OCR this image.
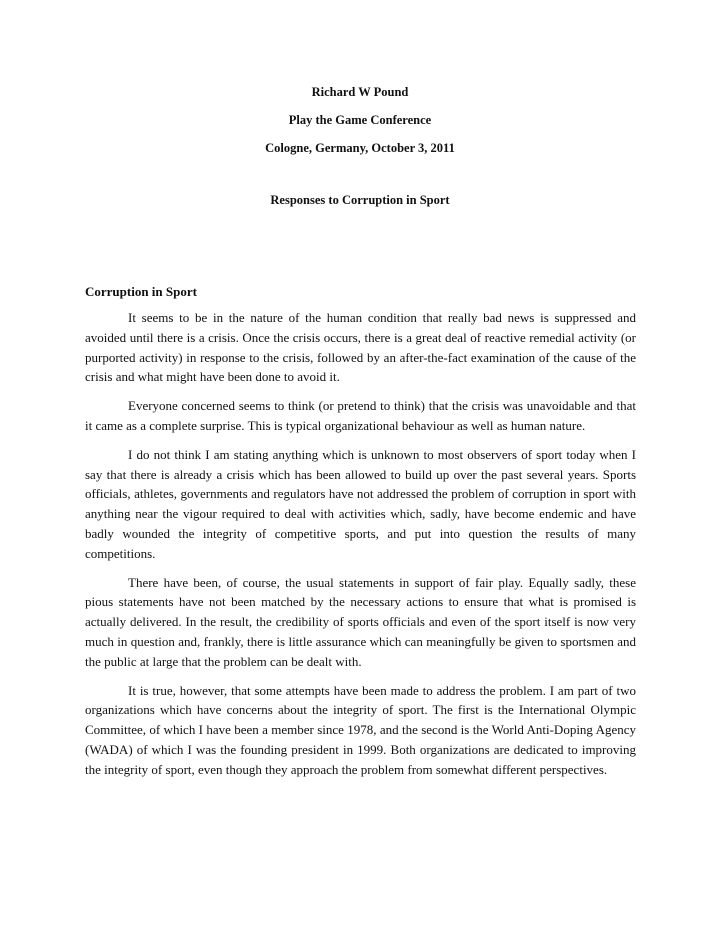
Richard W Pound

Play the Game Conference

Cologne, Germany, October 3, 2011

Responses to Corruption in Sport

Corruption in Sport

It seems to be in the nature of the human condition that really bad news is suppressed and avoided until there is a crisis. Once the crisis occurs, there is a great deal of reactive remedial activity (or purported activity) in response to the crisis, followed by an after-the-fact examination of the cause of the crisis and what might have been done to avoid it.

Everyone concerned seems to think (or pretend to think) that the crisis was unavoidable and that it came as a complete surprise. This is typical organizational behaviour as well as human nature.

I do not think I am stating anything which is unknown to most observers of sport today when I say that there is already a crisis which has been allowed to build up over the past several years. Sports officials, athletes, governments and regulators have not addressed the problem of corruption in sport with anything near the vigour required to deal with activities which, sadly, have become endemic and have badly wounded the integrity of competitive sports, and put into question the results of many competitions.

There have been, of course, the usual statements in support of fair play. Equally sadly, these pious statements have not been matched by the necessary actions to ensure that what is promised is actually delivered. In the result, the credibility of sports officials and even of the sport itself is now very much in question and, frankly, there is little assurance which can meaningfully be given to sportsmen and the public at large that the problem can be dealt with.

It is true, however, that some attempts have been made to address the problem. I am part of two organizations which have concerns about the integrity of sport. The first is the International Olympic Committee, of which I have been a member since 1978, and the second is the World Anti-Doping Agency (WADA) of which I was the founding president in 1999. Both organizations are dedicated to improving the integrity of sport, even though they approach the problem from somewhat different perspectives.
